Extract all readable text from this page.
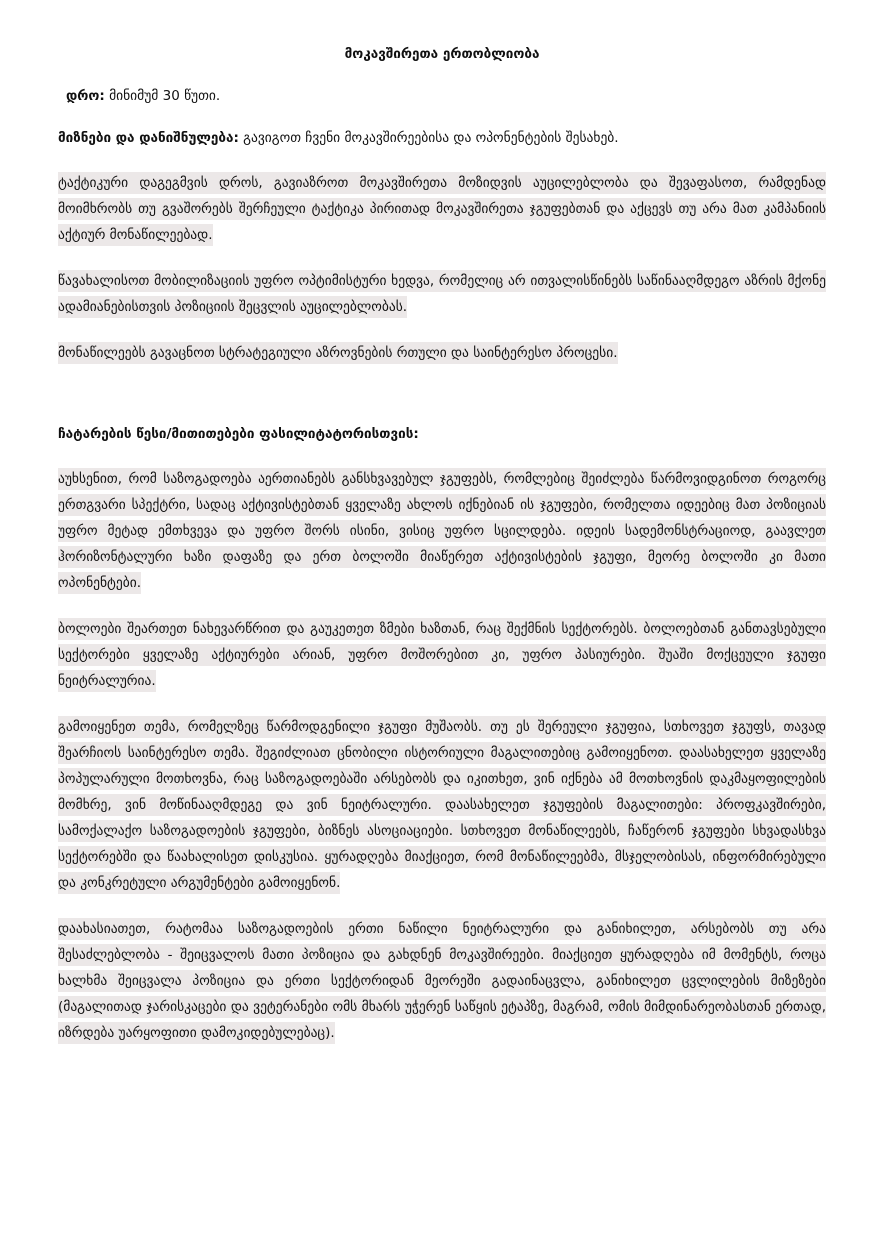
მოკავშირეთა ერთობლიობა
დრო: მინიმუმ 30 წუთი.
მიზნები და დანიშნულება: გავიგოთ ჩვენი მოკავშირეებისა და ოპონენტების შესახებ.

ტაქტიკური დაგეგმვის დროს, გავიაზროთ მოკავშირეთა მოზიდვის აუცილებლობა და შევაფასოთ, რამდენად მოიმხრობს თუ გვაშორებს შერჩეული ტაქტიკა პირითად მოკავშირეთა ჯგუფებთან და აქცევს თუ არა მათ კამპანიის აქტიურ მონაწილეებად.

წავახალისოთ მობილიზაციის უფრო ოპტიმისტური ხედვა, რომელიც არ ითვალისწინებს საწინააღმდეგო აზრის მქონე ადამიანებისთვის პოზიციის შეცვლის აუცილებლობას.

მონაწილეებს გავაცნოთ სტრატეგიული აზროვნების რთული და საინტერესო პროცესი.

ჩატარების წესი/მითითებები ფასილიტატორისთვის:

აუხსენით, რომ საზოგადოება აერთიანებს განსხვავებულ ჯგუფებს, რომლებიც შეიძლება წარმოვიდგინოთ როგორც ერთგვარი სპექტრი, სადაც აქტივისტებთან ყველაზე ახლოს იქნებიან ის ჯგუფები, რომელთა იდეებიც მათ პოზიციას უფრო მეტად ემთხვევა და უფრო შორს ისინი, ვისიც უფრო სცილდება. იდეის სადემონსტრაციოდ, გაავლეთ ჰორიზონტალური ხაზი დაფაზე და ერთ ბოლოში მიაწერეთ აქტივისტების ჯგუფი, მეორე ბოლოში კი მათი ოპონენტები.

ბოლოები შეართეთ ნახევარწრით და გაუკეთეთ ზმები ხაზთან, რაც შექმნის სექტორებს. ბოლოებთან განთავსებული სექტორები ყველაზე აქტიურები არიან, უფრო მოშორებით კი, უფრო პასიურები. შუაში მოქცეული ჯგუფი ნეიტრალურია.

გამოიყენეთ თემა, რომელზეც წარმოდგენილი ჯგუფი მუშაობს. თუ ეს შერეული ჯგუფია, სთხოვეთ ჯგუფს, თავად შეარჩიოს საინტერესო თემა. შეგიძლიათ ცნობილი ისტორიული მაგალითებიც გამოიყენოთ. დაასახელეთ ყველაზე პოპულარული მოთხოვნა, რაც საზოგადოებაში არსებობს და იკითხეთ, ვინ იქნება ამ მოთხოვნის დაკმაყოფილების მომხრე, ვინ მოწინააღმდეგე და ვინ ნეიტრალური. დაასახელეთ ჯგუფების მაგალითები: პროფკავშირები, სამოქალაქო საზოგადოების ჯგუფები, ბიზნეს ასოციაციები. სთხოვეთ მონაწილეებს, ჩაწერონ ჯგუფები სხვადასხვა სექტორებში და წაახალისეთ დისკუსია. ყურადღება მიაქციეთ, რომ მონაწილეებმა, მსჯელობისას, ინფორმირებული და კონკრეტული არგუმენტები გამოიყენონ.

დაახასიათეთ, რატომაა საზოგადოების ერთი ნაწილი ნეიტრალური და განიხილეთ, არსებობს თუ არა შესაძლებლობა - შეიცვალოს მათი პოზიცია და გახდნენ მოკავშირეები. მიაქციეთ ყურადღება იმ მომენტს, როცა ხალხმა შეიცვალა პოზიცია და ერთი სექტორიდან მეორეში გადაინაცვლა, განიხილეთ ცვლილების მიზეზები (მაგალითად ჯარისკაცები და ვეტერანები ომს მხარს უჭერენ საწყის ეტაპზე, მაგრამ, ომის მიმდინარეობასთან ერთად, იზრდება უარყოფითი დამოკიდებულებაც).
